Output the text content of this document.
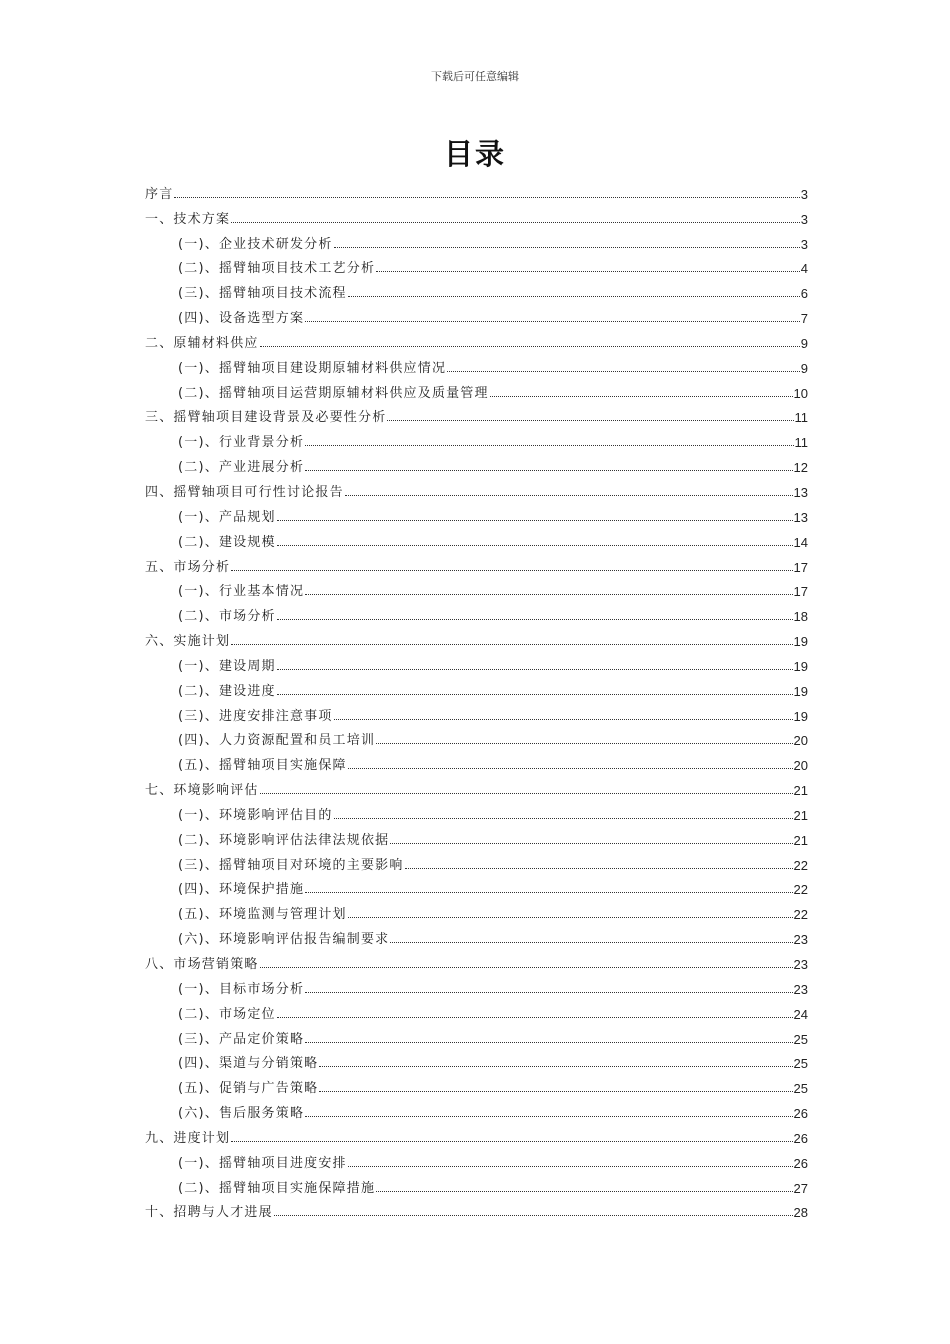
下载后可任意编辑
目录
序言	3
一、技术方案	3
(一)、企业技术研发分析	3
(二)、摇臂轴项目技术工艺分析	4
(三)、摇臂轴项目技术流程	6
(四)、设备选型方案	7
二、原辅材料供应	9
(一)、摇臂轴项目建设期原辅材料供应情况	9
(二)、摇臂轴项目运营期原辅材料供应及质量管理	10
三、摇臂轴项目建设背景及必要性分析	11
(一)、行业背景分析	11
(二)、产业进展分析	12
四、摇臂轴项目可行性讨论报告	13
(一)、产品规划	13
(二)、建设规模	14
五、市场分析	17
(一)、行业基本情况	17
(二)、市场分析	18
六、实施计划	19
(一)、建设周期	19
(二)、建设进度	19
(三)、进度安排注意事项	19
(四)、人力资源配置和员工培训	20
(五)、摇臂轴项目实施保障	20
七、环境影响评估	21
(一)、环境影响评估目的	21
(二)、环境影响评估法律法规依据	21
(三)、摇臂轴项目对环境的主要影响	22
(四)、环境保护措施	22
(五)、环境监测与管理计划	22
(六)、环境影响评估报告编制要求	23
八、市场营销策略	23
(一)、目标市场分析	23
(二)、市场定位	24
(三)、产品定价策略	25
(四)、渠道与分销策略	25
(五)、促销与广告策略	25
(六)、售后服务策略	26
九、进度计划	26
(一)、摇臂轴项目进度安排	26
(二)、摇臂轴项目实施保障措施	27
十、招聘与人才进展	28
